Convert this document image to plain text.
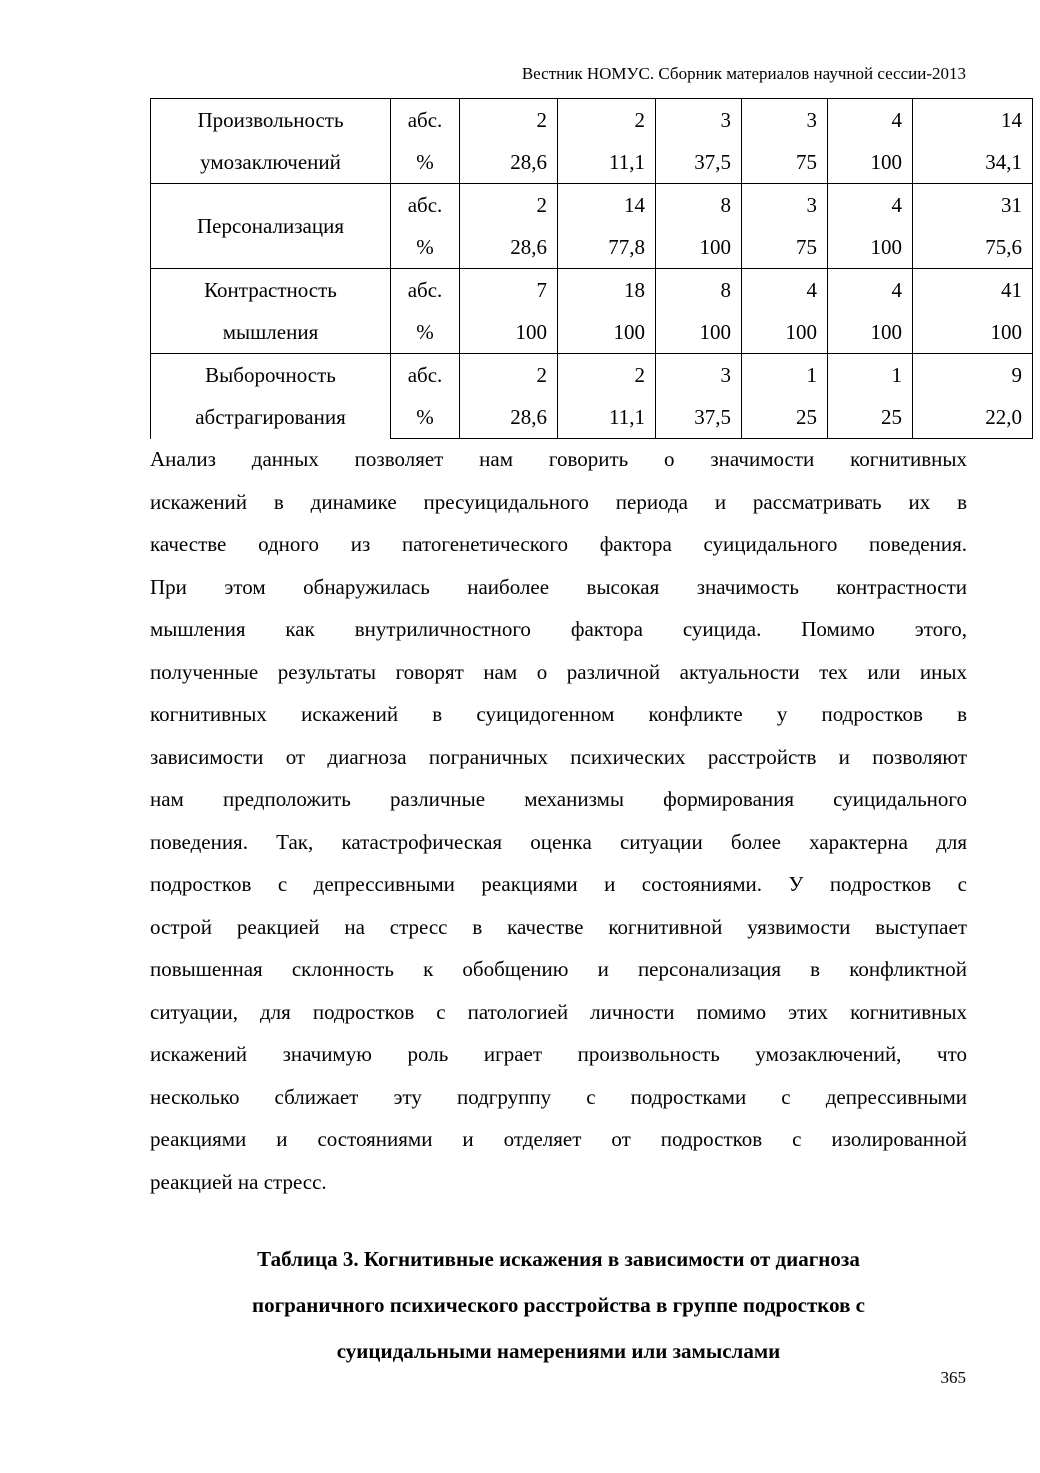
Вестник НОМУС. Сборник материалов научной сессии-2013
Произвольность
умозаключений	абс.	2	2	3	3	4	14
	%	28,6	11,1	37,5	75	100	34,1

Персонализация	абс.	2	14	8	3	4	31
	%	28,6	77,8	100	75	100	75,6

Контрастность
мышления	абс.	7	18	8	4	4	41
	%	100	100	100	100	100	100

Выборочность
абстрагирования	абс.	2	2	3	1	1	9
	%	28,6	11,1	37,5	25	25	22,0
Анализ данных позволяет нам говорить о значимости когнитивных
искажений в динамике пресуицидального периода и рассматривать их в
качестве одного из патогенетического фактора суицидального поведения.
При этом обнаружилась наиболее высокая значимость контрастности
мышления как внутриличностного фактора суицида. Помимо этого,
полученные результаты говорят нам о различной актуальности тех или иных
когнитивных искажений в суицидогенном конфликте у подростков в
зависимости от диагноза пограничных психических расстройств и позволяют
нам предположить различные механизмы формирования суицидального
поведения. Так, катастрофическая оценка ситуации более характерна для
подростков с депрессивными реакциями и состояниями. У подростков с
острой реакцией на стресс в качестве когнитивной уязвимости выступает
повышенная склонность к обобщению и персонализация в конфликтной
ситуации, для подростков с патологией личности помимо этих когнитивных
искажений значимую роль играет произвольность умозаключений, что
несколько сближает эту подгруппу с подростками с депрессивными
реакциями и состояниями и отделяет от подростков с изолированной
реакцией на стресс.
Таблица 3. Когнитивные искажения в зависимости от диагноза
пограничного психического расстройства в группе подростков с
суицидальными намерениями или замыслами
365
